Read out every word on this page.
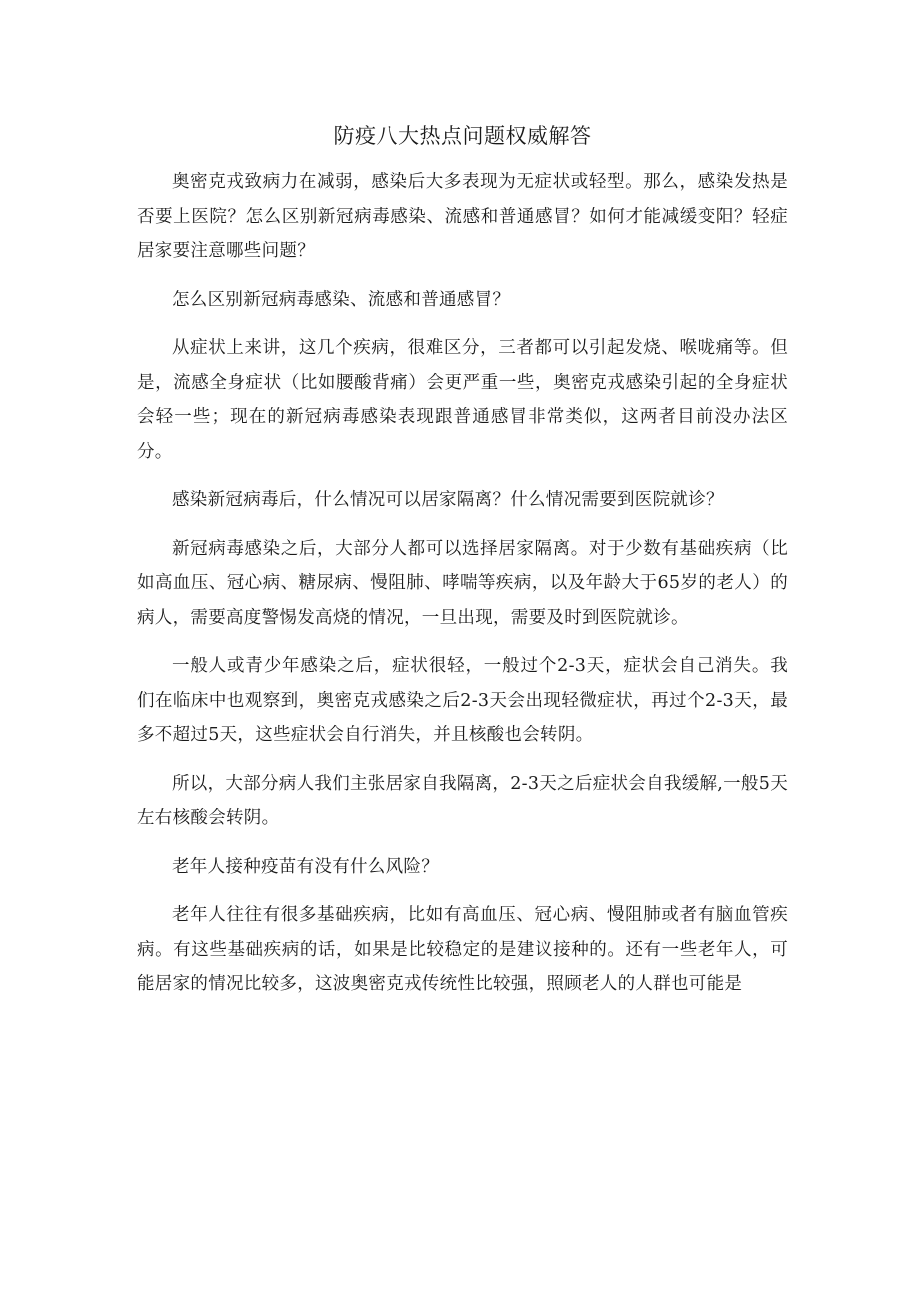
防疫八大热点问题权威解答

奥密克戎致病力在减弱，感染后大多表现为无症状或轻型。那么，感染发热是否要上医院？怎么区别新冠病毒感染、流感和普通感冒？如何才能减缓变阳？轻症居家要注意哪些问题？

怎么区别新冠病毒感染、流感和普通感冒？

从症状上来讲，这几个疾病，很难区分，三者都可以引起发烧、喉咙痛等。但是，流感全身症状（比如腰酸背痛）会更严重一些，奥密克戎感染引起的全身症状会轻一些；现在的新冠病毒感染表现跟普通感冒非常类似，这两者目前没办法区分。

感染新冠病毒后，什么情况可以居家隔离？什么情况需要到医院就诊？

新冠病毒感染之后，大部分人都可以选择居家隔离。对于少数有基础疾病（比如高血压、冠心病、糖尿病、慢阻肺、哮喘等疾病，以及年龄大于65岁的老人）的病人，需要高度警惕发高烧的情况，一旦出现，需要及时到医院就诊。

一般人或青少年感染之后，症状很轻，一般过个2-3天，症状会自己消失。我们在临床中也观察到，奥密克戎感染之后2-3天会出现轻微症状，再过个2-3天，最多不超过5天，这些症状会自行消失，并且核酸也会转阴。

所以，大部分病人我们主张居家自我隔离，2-3天之后症状会自我缓解,一般5天左右核酸会转阴。

老年人接种疫苗有没有什么风险？

老年人往往有很多基础疾病，比如有高血压、冠心病、慢阻肺或者有脑血管疾病。有这些基础疾病的话，如果是比较稳定的是建议接种的。还有一些老年人，可能居家的情况比较多，这波奥密克戎传统性比较强，照顾老人的人群也可能是
